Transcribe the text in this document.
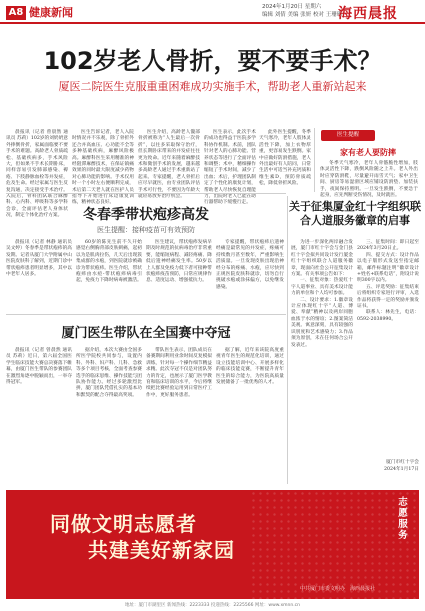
A8 健康新闻	2024年1月20日 星期六
编辑 刘倩 美编 张妍 校对 王珊珊
海西晨报
102岁老人骨折，要不要手术？
厦医二院医生克服重重困难成功实施手术，帮助老人重新站起来

晨报讯（记者 曾晨然 通讯员 苏莉）102岁的刘奶奶意外摔倒骨折，家属面临要不要手术的难题。高龄老人骨质疏松、基础疾病多，手术风险大，但如果不手术长期卧床，同样容易引发肺部感染、褥疮、下肢静脉血栓等并发症，危及生命。经过家属与医生反复沟通，决定接受手术治疗。入院后，骨科团队联合麻醉科、心内科、呼吸科等多学科会诊，全面评估老人身体状况，制定个体化治疗方案。

医生告诉记者，老人入院时情况并不乐观，除了骨折外还合并高血压、心功能不全等多种基础疾病，麻醉风险极高。麻醉科医生采用精准的神经阻滞麻醉技术，在保证镇痛效果的同时最大限度减少药物对心肺功能的影响。手术仅用时一个小时左右便顺利完成，术后第二天老人就在医护人员指导下开始进行床边康复训练，精神状态良好。

医生介绍，高龄老人髋部骨折被称为“人生最后一次骨折”，以往多采取保守治疗，但长期卧床带来的并发症往往更为致命。近年来随着麻醉技术和微创手术的发展，越来越多高龄老人通过手术重新站了起来。专家提醒，老人骨折后应尽早就医，由专业团队评估手术可行性，不要因为年龄大就轻易放弃治疗机会。

医生表示，此次手术的成功也得益于医院多学科协作机制。术前，团队针对老人的心肺功能、营养状态等进行了全面评估和调整；术中，精细操作缩短了手术时间，减少了出血；术后，护理团队制定了个性化的康复计划，帮助老人尽快恢复自理能力，出院时老人已能在助行器帮助下缓慢行走。

此外医生提醒，冬季天气寒冷，老年人肢体灵活性下降，加上衣物厚重，更容易发生跌倒。家中应做好防滑措施，老人外出最好有人陪同，日常生活中可适当补充钙质和维生素D，预防骨质疏松，降低骨折风险。

医生提醒
家有老人要防摔

冬季天气寒冷，老年人骨骼脆性增加，肢体灵活性下降，跌倒风险随之上升。老人外出时应穿防滑鞋，尽量避开雨雪天气；家中卫生间、厨房等易湿滑区域应铺设防滑垫、加装扶手，夜间保持照明。一旦发生跌倒，不要急于起身，应先判断受伤情况，及时就医。

冬春季带状疱疹高发
医生提醒：接种疫苗可有效预防

晨报讯（记者 林静 通讯员 吴文婷）冬春季是带状疱疹的高发期。记者从厦门大学附属中山医院皮肤科了解到，近期门诊中带状疱疹患者明显增多，其中以中老年人居多。

60岁的陈先生前不久开始感觉右侧胸背部皮肤刺痛，起初以为是肌肉拉伤，几天后出现簇集成群的水疱，到医院就诊被确诊为带状疱疹。医生介绍，带状疱疹由水痘-带状疱疹病毒引起，免疫力下降时病毒被激活。

医生建议，带状疱疹发病早期及时规范的抗病毒治疗非常重要，能缩短病程、减轻疼痛、降低后遗神经痛发生率。50岁以上人群及免疫力低下者可接种带状疱疹疫苗预防，日常应规律作息、适度运动、增强抵抗力。

专家提醒，带状疱疹后遗神经痛是最常见的并发症，疼痛可持续数月甚至数年，严重影响生活质量。一旦发现皮肤出现沿神经分布的疼痛、水疱，应尽快到正规医院皮肤科就诊，切勿自行挑破水疱或涂抹偏方，以免继发感染。

厦门医生带队在全国赛中夺冠

晨报讯（记者 曾晨然 通讯员 苏莉）近日，第六届全国医学生临床技能大赛总决赛落下帷幕，由厦门医生带队的参赛团队在激烈角逐中脱颖而出，一举夺得冠军。

据介绍，本次大赛由全国多所医学院校共同参与，设置内科、外科、妇产科、儿科、急救等多个项目考核，全面考查参赛选手的临床思维、操作技能与团队协作能力。经过多轮激烈比拼，厦门团队凭借扎实的基本功和默契的配合夺得最高奖项。

带队医生表示，团队成员在备赛期间利用业余时间反复模拟训练，针对每一个操作细节精益求精。此次夺冠不仅是对团队努力的肯定，也展示了厦门医学教育和临床培训的水平，今后将继续把比赛经验运用到日常医疗工作中，更好服务患者。

据了解，近年来该院高度重视青年医生的规范化培训，通过设立技能培训中心、开展多样化的临床技能竞赛，不断提升青年医生的综合能力，为医院高质量发展储备了一批优秀的人才。

关于征集厦金红十字组织联合人道服务徽章的启事

为进一步深化两岸融合发展，厦门市红十字会与金门县红十字会拟共同设计发行厦金红十字组织联合人道服务徽章，现面向社会公开征集设计方案。有关事项公告如下：

一、征集对象：热爱红十字人道事业、具有美术设计能力的单位和个人均可参加。

二、设计要求：1.徽章设计应体现红十字“人道、博爱、奉献”精神以及两岸同胞血浓于水的情谊；2.图案简洁美观、寓意深刻，具有较强的识别度和艺术感染力；3.作品须为原创，未在任何场合公开发表过。

三、征集时间：即日起至2024年3月20日止。

四、提交方式：设计作品以电子版形式发送至指定邮箱，邮件标题注明“徽章设计+姓名+联系电话”，附设计说明300字以内。

五、评选奖励：征集结束后将组织专家进行评审，入选作品将获得一定的奖励并颁发证书。

联系人：林先生，电话：0592-2038990。

厦门市红十字会
2024年1月17日
同做文明志愿者
共建美好新家园
志愿服务
中共厦门市委文明办　海西晨报社
地址：厦门市湖里区 新闻热线：2223333 投递热线：2225566 网址：www.xmnn.cn
